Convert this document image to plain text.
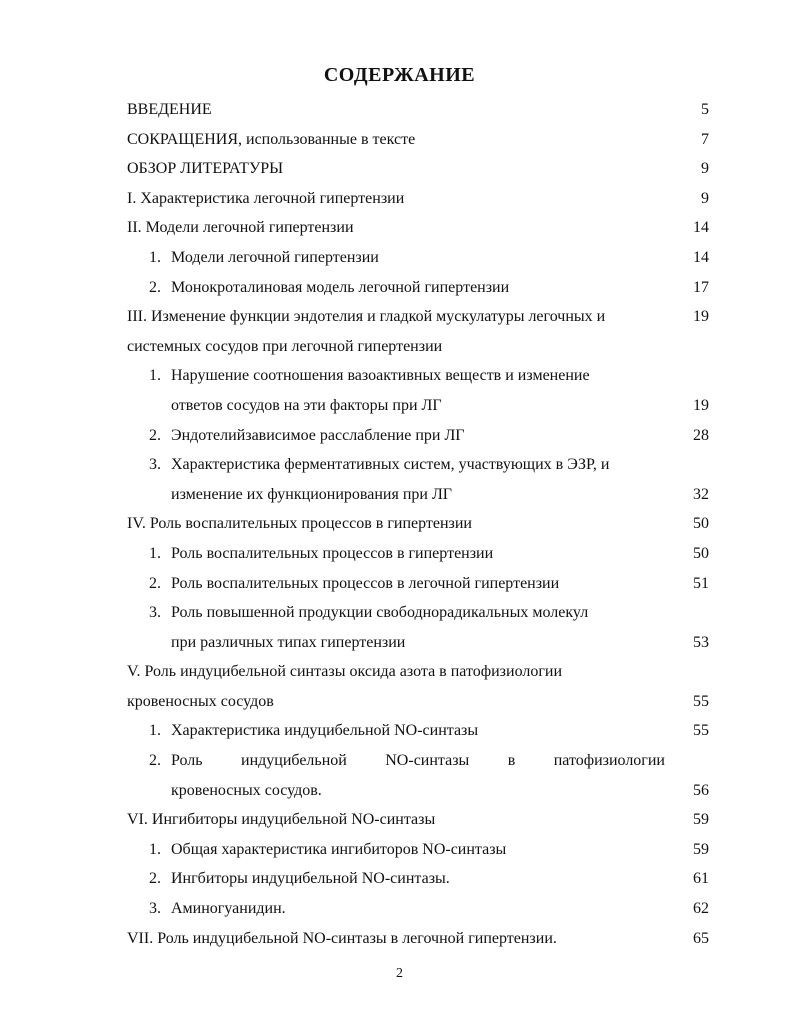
СОДЕРЖАНИЕ
ВВЕДЕНИЕ	5
СОКРАЩЕНИЯ, использованные в тексте	7
ОБЗОР ЛИТЕРАТУРЫ	9
I. Характеристика легочной гипертензии	9
II. Модели легочной гипертензии	14
1. Модели легочной гипертензии	14
2. Монокроталиновая модель легочной гипертензии	17
III. Изменение функции эндотелия и гладкой мускулатуры легочных и	19
системных сосудов при легочной гипертензии
1. Нарушение соотношения вазоактивных веществ и изменение
ответов сосудов на эти факторы при ЛГ	19
2. Эндотелийзависимое расслабление при ЛГ	28
3. Характеристика ферментативных систем, участвующих в ЭЗР, и
изменение их функционирования при ЛГ	32
IV. Роль воспалительных процессов в гипертензии	50
1. Роль воспалительных процессов в гипертензии	50
2. Роль воспалительных процессов в легочной гипертензии	51
3. Роль повышенной продукции свободнорадикальных молекул
при различных типах гипертензии	53
V. Роль индуцибельной синтазы оксида азота в патофизиологии
кровеносных сосудов	55
1. Характеристика индуцибельной NO-синтазы	55
2. Роль индуцибельной NO-синтазы в патофизиологии
кровеносных сосудов.	56
VI. Ингибиторы индуцибельной NO-синтазы	59
1. Общая характеристика ингибиторов NO-синтазы	59
2. Ингбиторы индуцибельной NO-синтазы.	61
3. Аминогуанидин.	62
VII. Роль индуцибельной NO-синтазы в легочной гипертензии.	65
2
